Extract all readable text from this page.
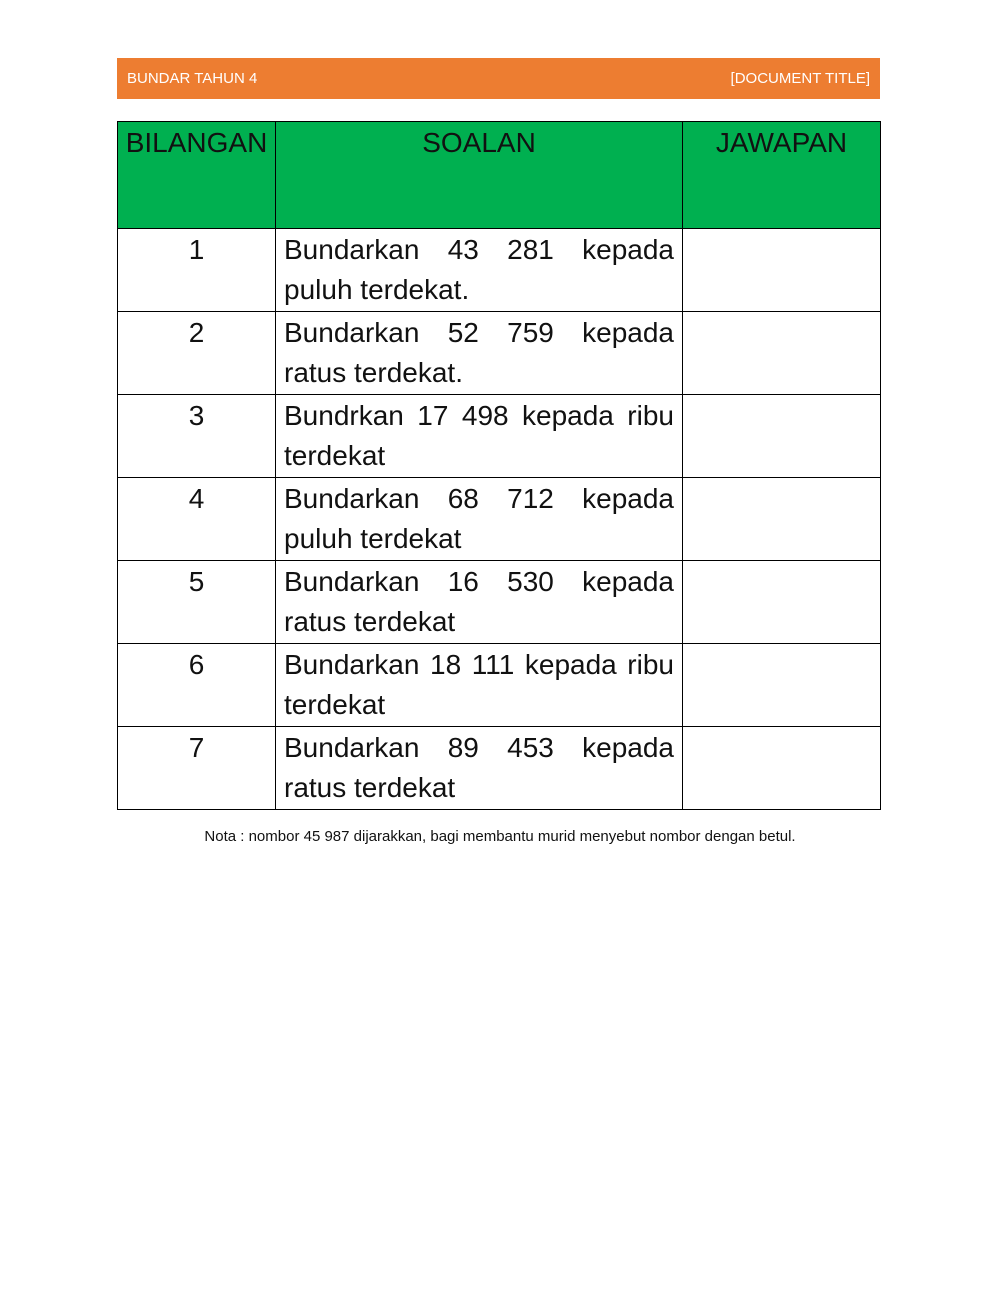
BUNDAR TAHUN 4	[DOCUMENT TITLE]
BILANGAN	SOALAN	JAWAPAN
1	Bundarkan 43 281 kepada puluh terdekat.	
2	Bundarkan 52 759 kepada ratus terdekat.	
3	Bundrkan 17 498 kepada ribu terdekat	
4	Bundarkan 68 712 kepada puluh terdekat	
5	Bundarkan 16 530 kepada ratus terdekat	
6	Bundarkan 18 111 kepada ribu terdekat	
7	Bundarkan 89 453 kepada ratus terdekat	
Nota : nombor 45 987 dijarakkan, bagi membantu murid menyebut nombor dengan betul.
